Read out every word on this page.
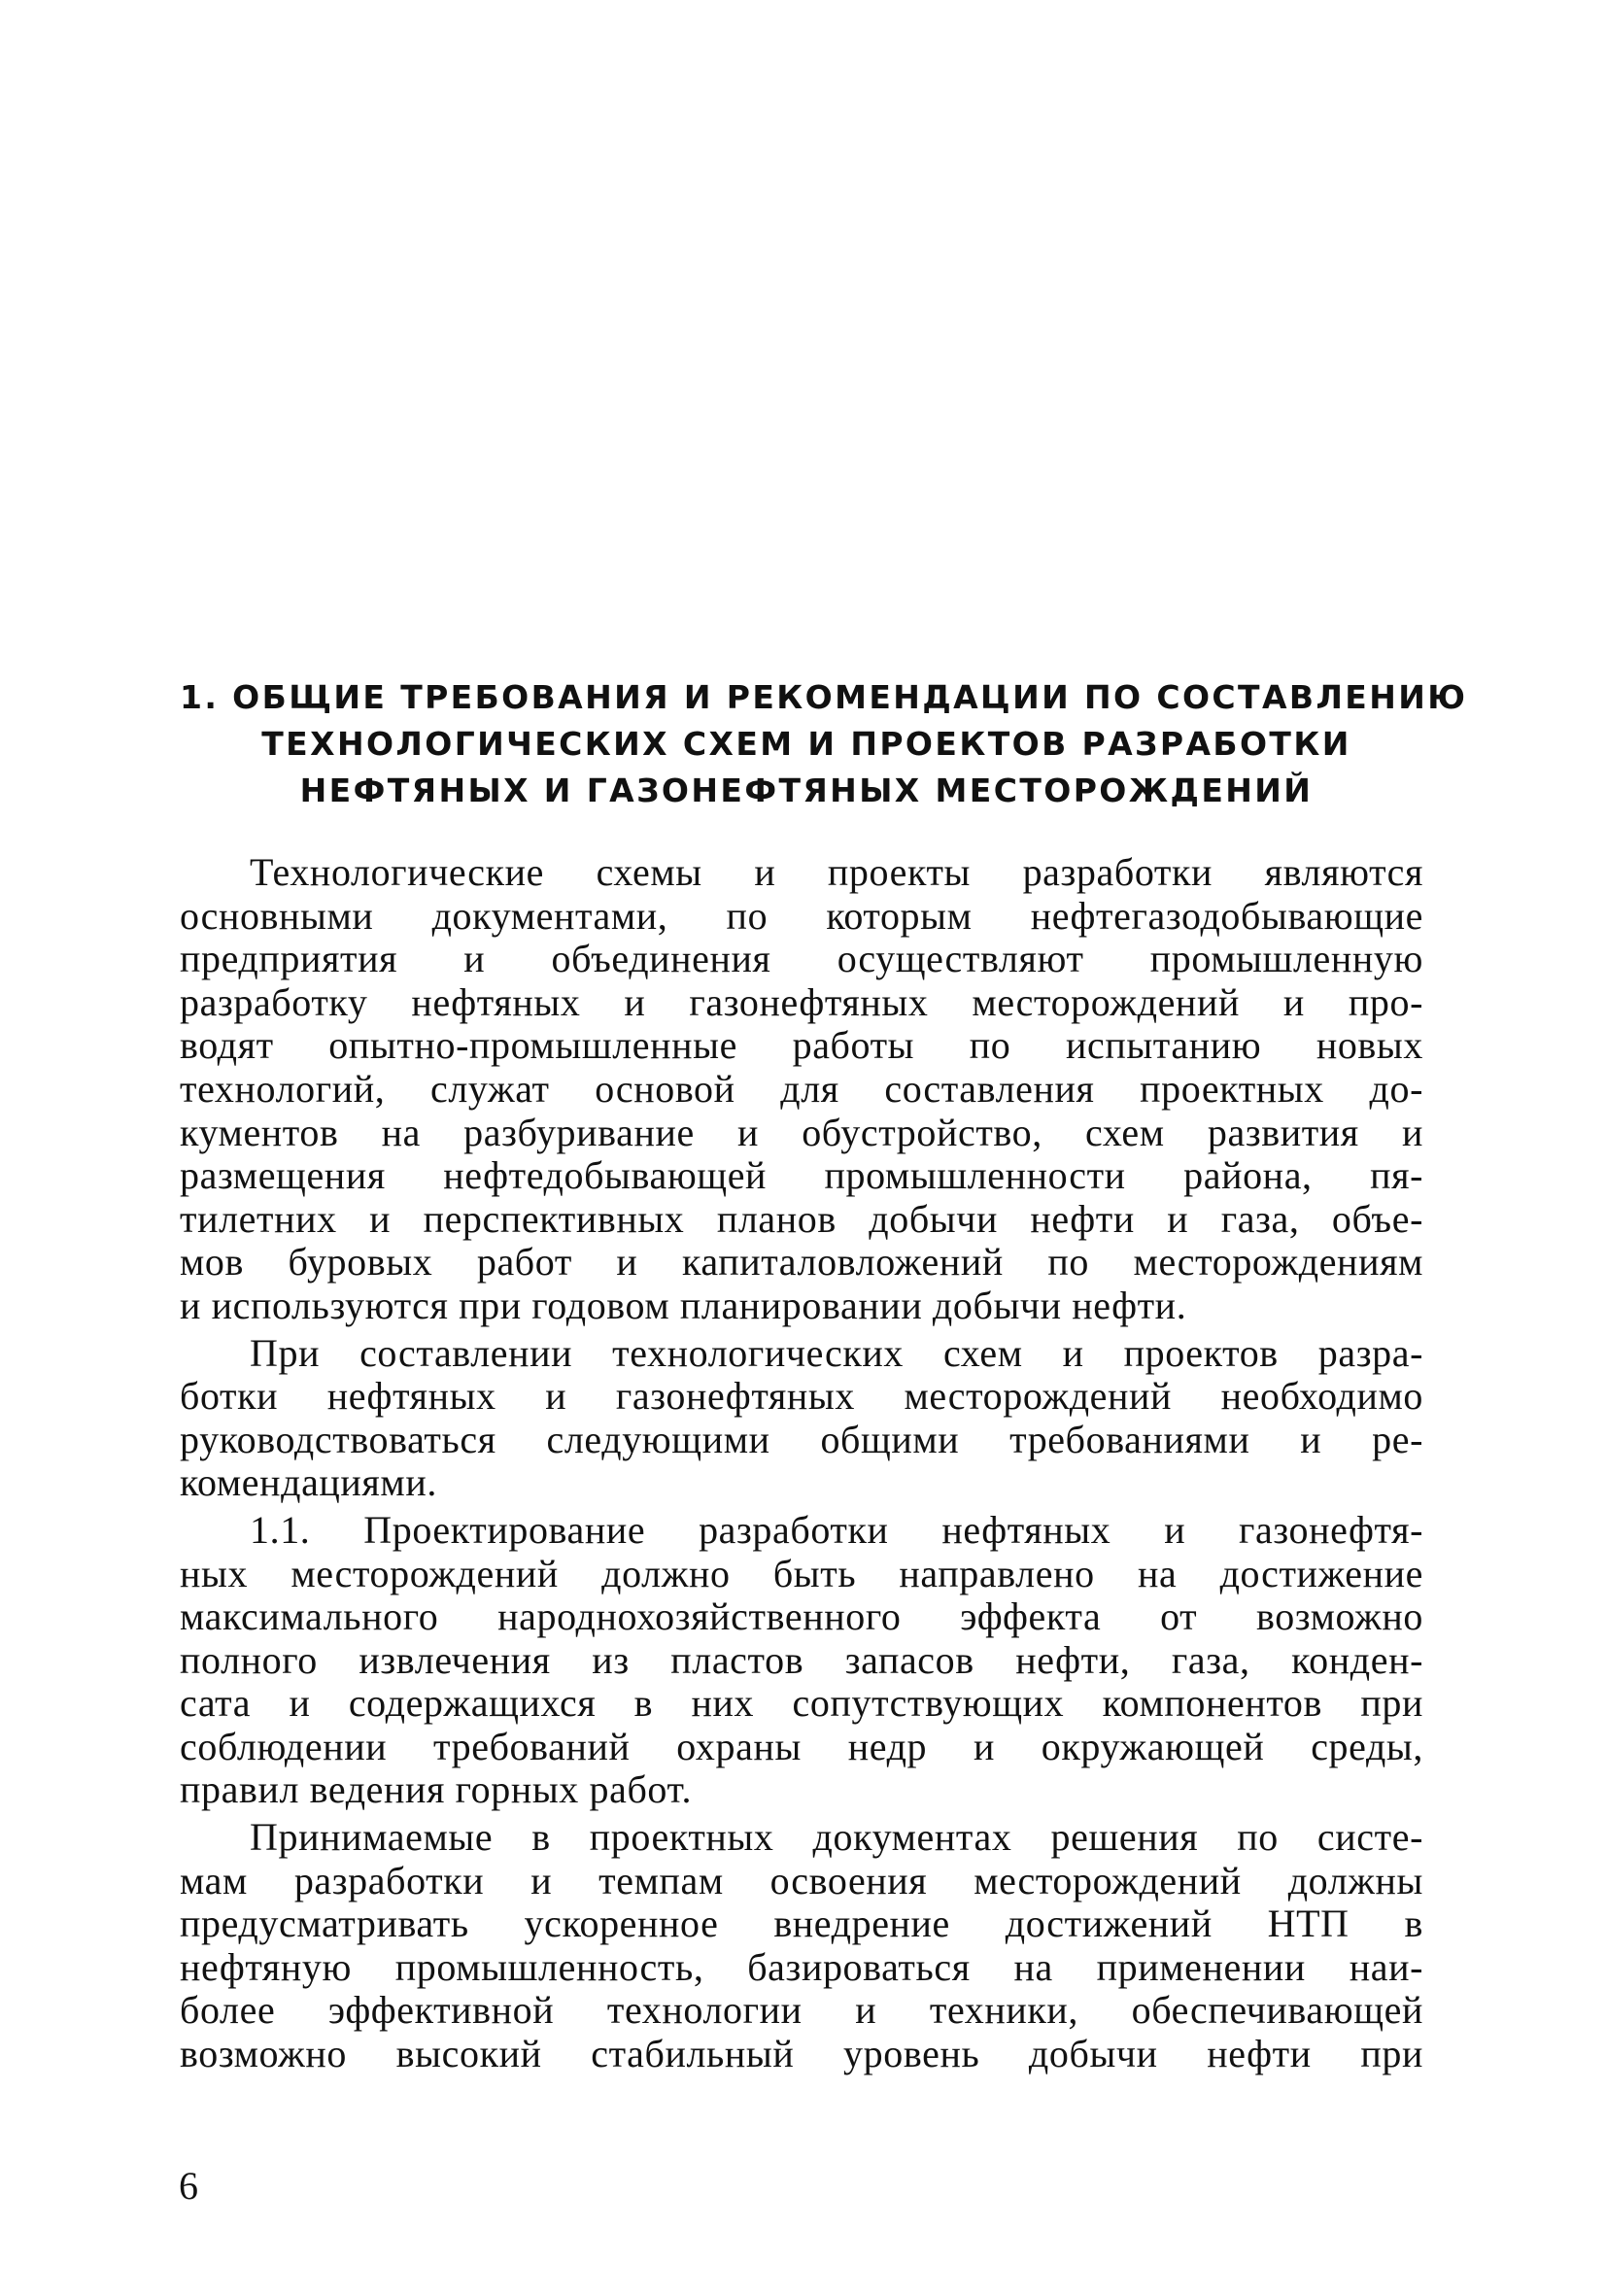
1. ОБЩИЕ ТРЕБОВАНИЯ И РЕКОМЕНДАЦИИ ПО СОСТАВЛЕНИЮ
ТЕХНОЛОГИЧЕСКИХ СХЕМ И ПРОЕКТОВ РАЗРАБОТКИ
НЕФТЯНЫХ И ГАЗОНЕФТЯНЫХ МЕСТОРОЖДЕНИЙ
Технологические схемы и проекты разработки являются
основными документами, по которым нефтегазодобывающие
предприятия и объединения осуществляют промышленную
разработку нефтяных и газонефтяных месторождений и про-
водят опытно-промышленные работы по испытанию новых
технологий, служат основой для составления проектных до-
кументов на разбуривание и обустройство, схем развития и
размещения нефтедобывающей промышленности района, пя-
тилетних и перспективных планов добычи нефти и газа, объе-
мов буровых работ и капиталовложений по месторождениям
и используются при годовом планировании добычи нефти.
При составлении технологических схем и проектов разра-
ботки нефтяных и газонефтяных месторождений необходимо
руководствоваться следующими общими требованиями и ре-
комендациями.
1.1. Проектирование разработки нефтяных и газонефтя-
ных месторождений должно быть направлено на достижение
максимального народнохозяйственного эффекта от возможно
полного извлечения из пластов запасов нефти, газа, конден-
сата и содержащихся в них сопутствующих компонентов при
соблюдении требований охраны недр и окружающей среды,
правил ведения горных работ.
Принимаемые в проектных документах решения по систе-
мам разработки и темпам освоения месторождений должны
предусматривать ускоренное внедрение достижений НТП в
нефтяную промышленность, базироваться на применении наи-
более эффективной технологии и техники, обеспечивающей
возможно высокий стабильный уровень добычи нефти при

6
